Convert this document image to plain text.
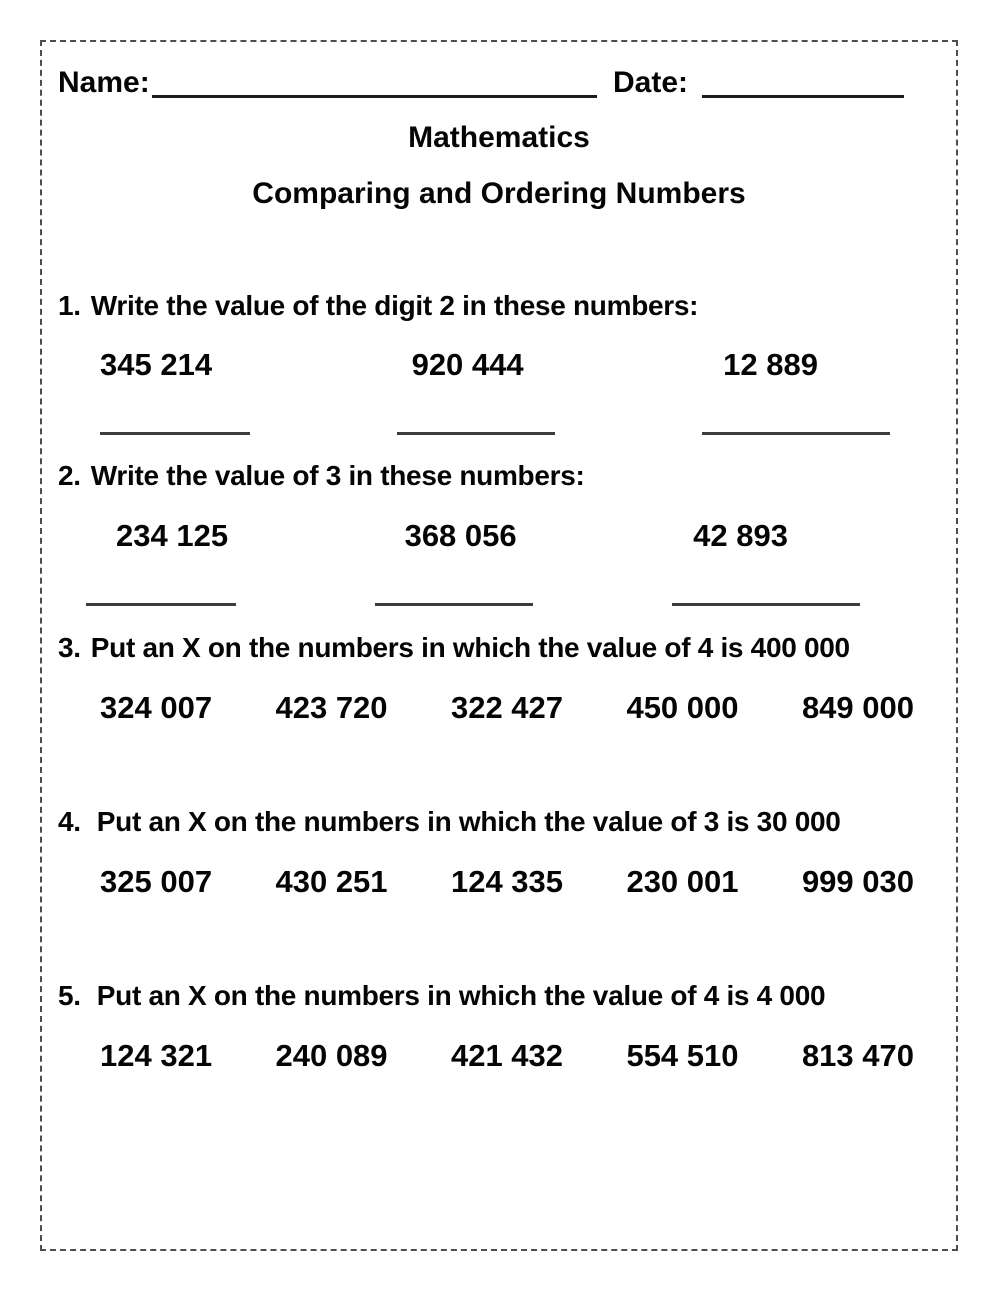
Name:	Date:
Mathematics
Comparing and Ordering Numbers
1. Write the value of the digit 2 in these numbers:
345 214	920 444	12 889
2. Write the value of 3 in these numbers:
234 125	368 056	42 893
3. Put an X on the numbers in which the value of 4 is 400 000
324 007 423 720 322 427 450 000 849 000
4. Put an X on the numbers in which the value of 3 is 30 000
325 007 430 251 124 335 230 001 999 030
5. Put an X on the numbers in which the value of 4 is 4 000
124 321 240 089 421 432 554 510 813 470
